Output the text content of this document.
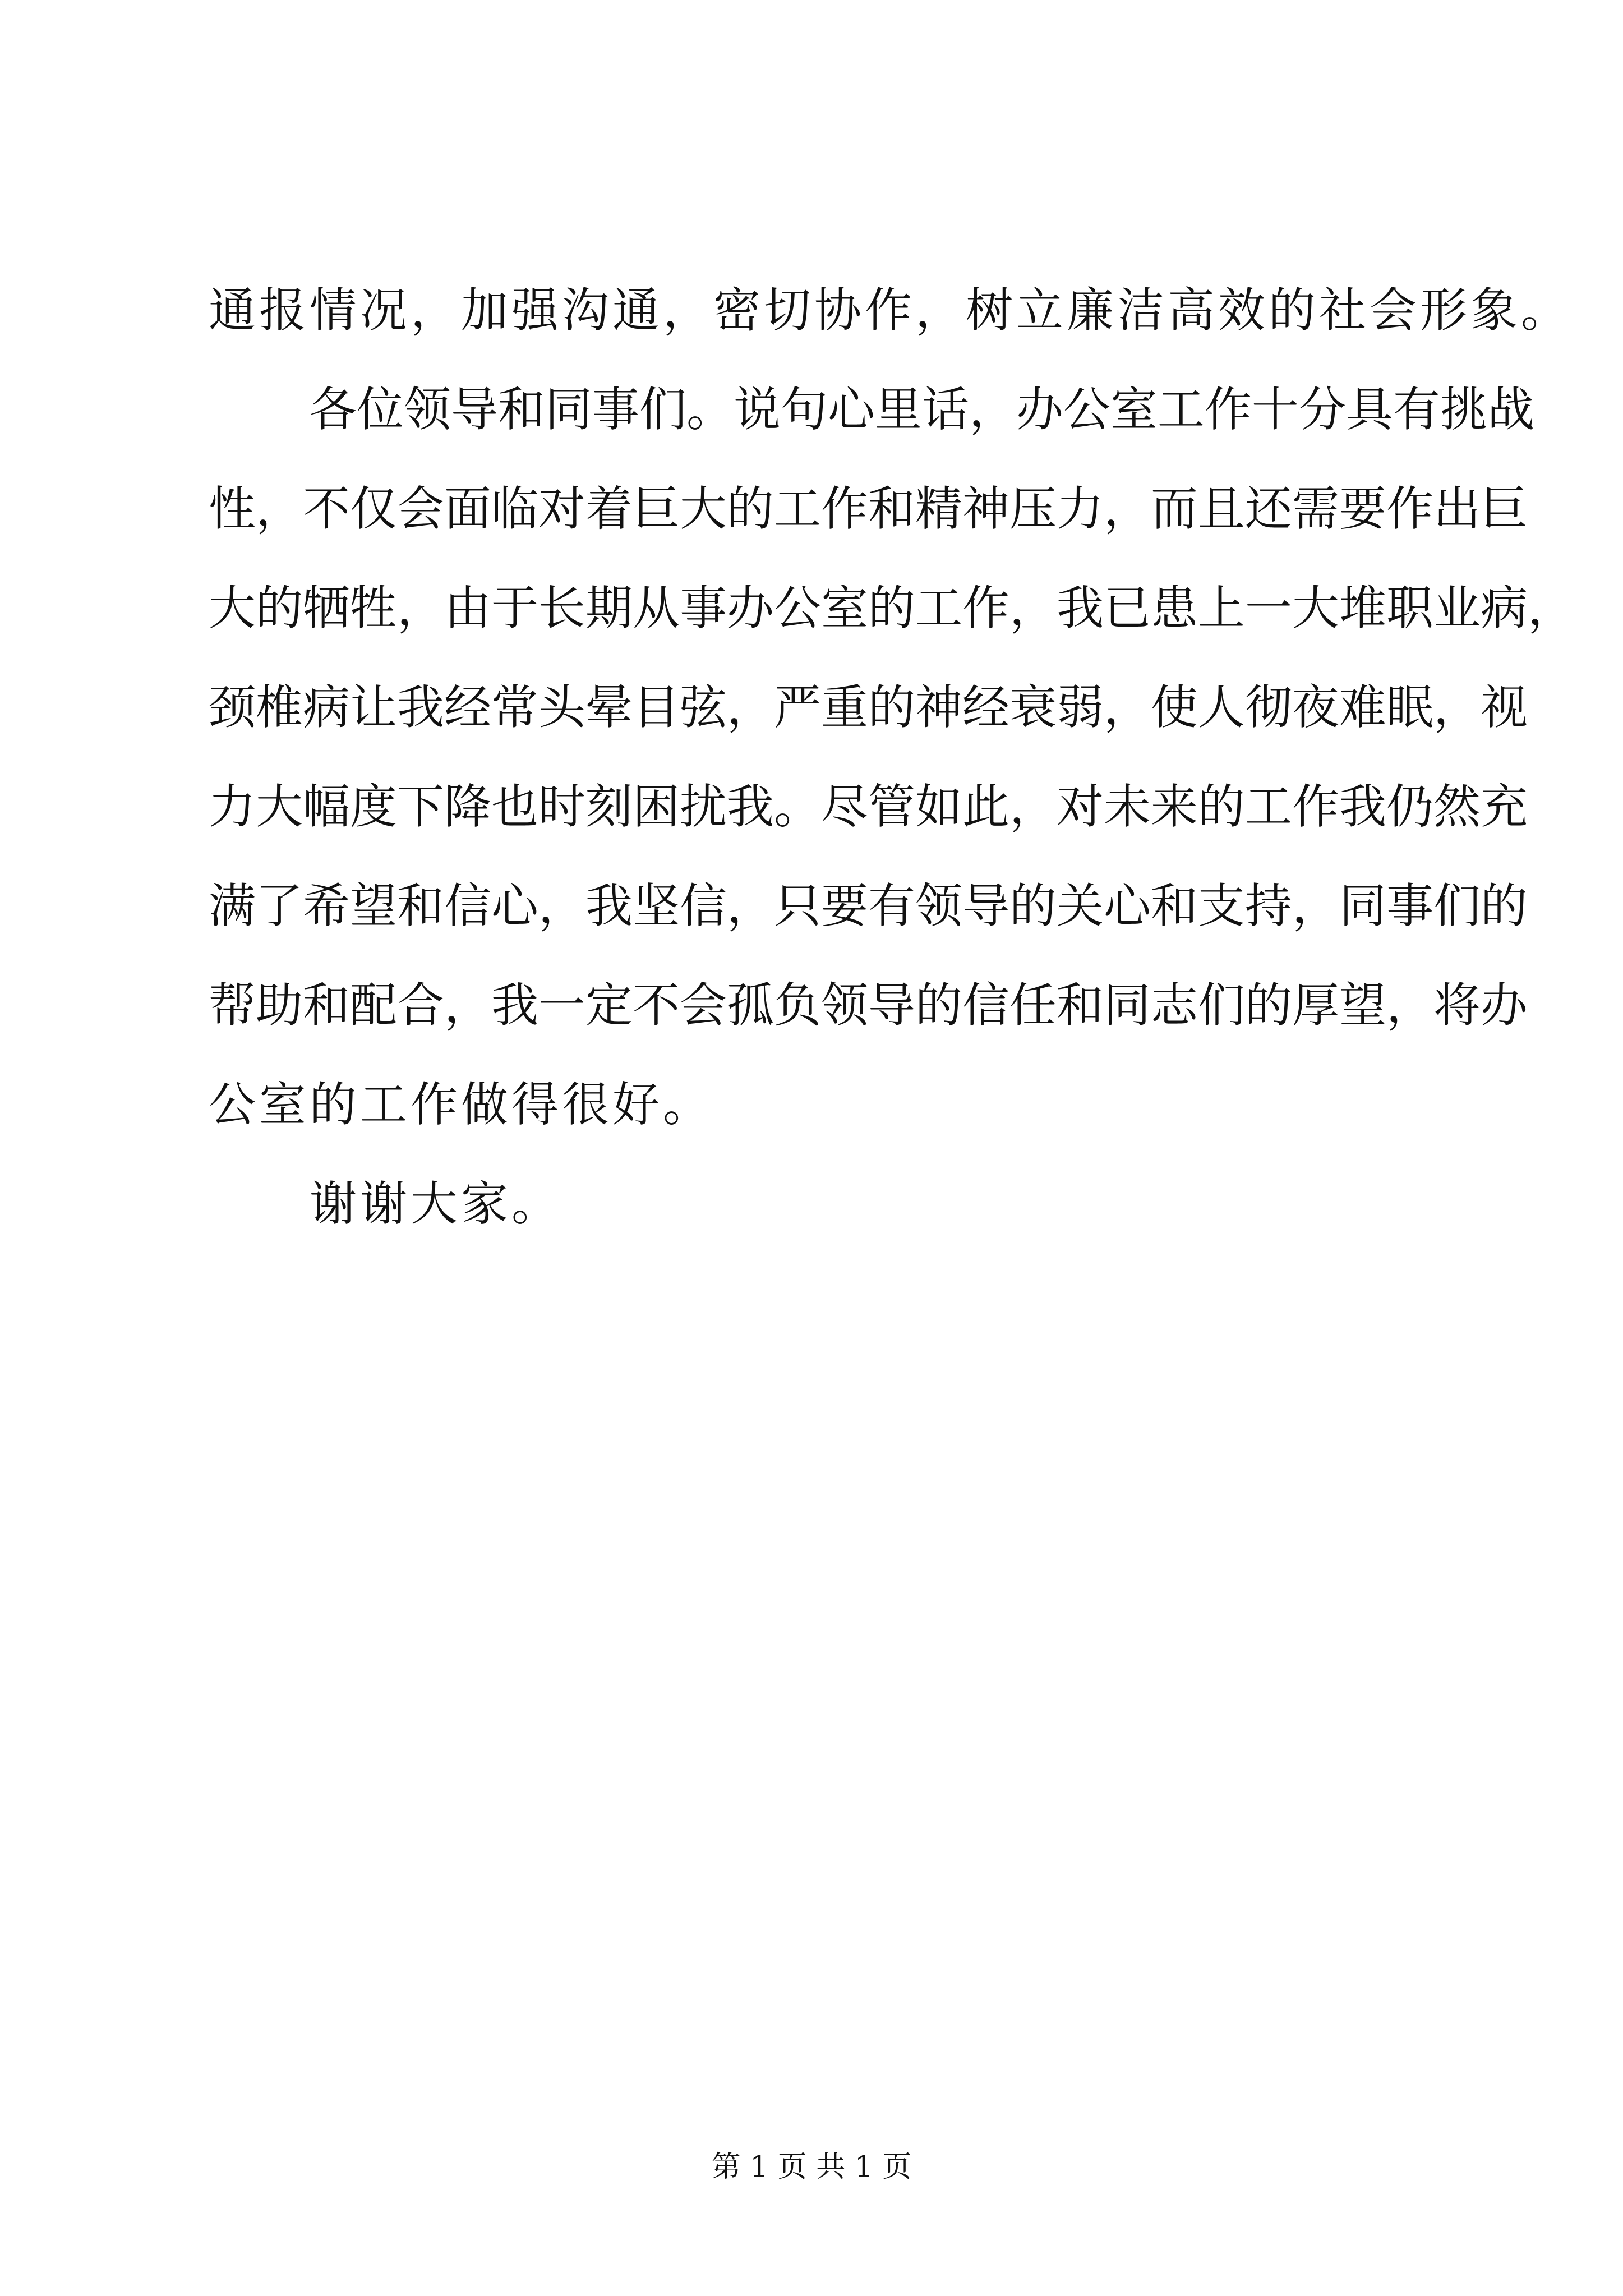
通报情况，加强沟通，密切协作，树立廉洁高效的社会形象。
各位领导和同事们。说句心里话，办公室工作十分具有挑战
性，不仅会面临对着巨大的工作和精神压力，而且还需要作出巨
大的牺牲，由于长期从事办公室的工作，我已患上一大堆职业病，
颈椎病让我经常头晕目弦，严重的神经衰弱，使人彻夜难眠，视
力大幅度下降也时刻困扰我。尽管如此，对未来的工作我仍然充
满了希望和信心，我坚信，只要有领导的关心和支持，同事们的
帮助和配合，我一定不会孤负领导的信任和同志们的厚望，将办
公室的工作做得很好。
谢谢大家。
第 1 页 共 1 页
